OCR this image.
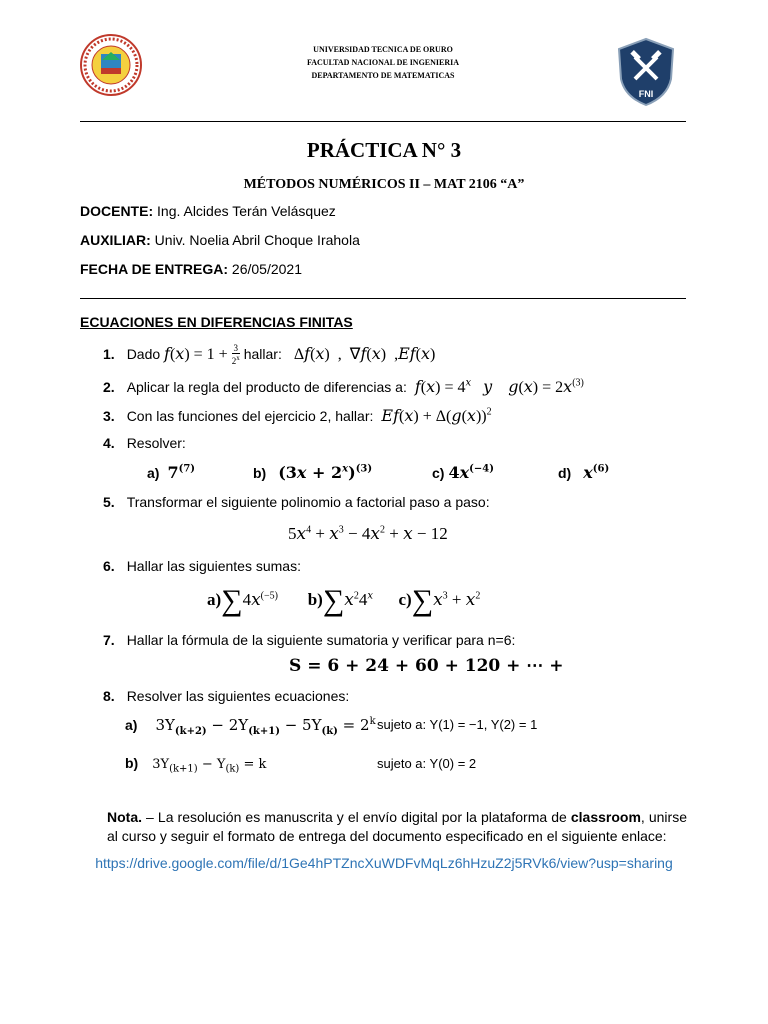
UNIVERSIDAD TECNICA DE ORURO
FACULTAD NACIONAL DE INGENIERIA
DEPARTAMENTO DE MATEMATICAS
FNI
PRÁCTICA N° 3
MÉTODOS NUMÉRICOS II – MAT 2106 “A”
DOCENTE: Ing. Alcides Terán Velásquez
AUXILIAR: Univ. Noelia Abril Choque Irahola
FECHA DE ENTREGA: 26/05/2021
ECUACIONES EN DIFERENCIAS FINITAS
1. Dado $f(x) = 1 + \frac{3}{2^x}$ hallar:   Δf(x)  ,  ∇f(x)  ,Ef(x)
2. Aplicar la regla del producto de diferencias a: $f(x) = 4^x$ y $g(x) = 2x^{(3)}$
3. Con las funciones del ejercicio 2, hallar: $Ef(x) + \Delta(g(x))^2$
4. Resolver:
a) 7$^{(7)}$	b) $(3x + 2^x)^{(3)}$	c) $4x^{(-4)}$	d) $x^{(6)}$
5. Transformar el siguiente polinomio a factorial paso a paso:
$5x^4 + x^3 - 4x^2 + x - 12$
6. Hallar las siguientes sumas:
$a)\sum 4x^{(-5)}$ $b)\sum x^24^x$ $c)\sum x^3 + x^2$
7. Hallar la fórmula de la siguiente sumatoria y verificar para n=6:
S = 6 + 24 + 60 + 120 + ⋯ +
8. Resolver las siguientes ecuaciones:
a) $3Y_{(k+2)} - 2Y_{(k+1)} - 5Y_{(k)} = 2^k$ sujeto a: Y(1) = −1, Y(2) = 1
b) $3Y_{(k+1)} - Y_{(k)} = k$	sujeto a: Y(0) = 2
Nota. – La resolución es manuscrita y el envío digital por la plataforma de classroom, unirse al curso y seguir el formato de entrega del documento especificado en el siguiente enlace:
https://drive.google.com/file/d/1Ge4hPTZncXuWDFvMqLz6hHzuZ2j5RVk6/view?usp=sharing
